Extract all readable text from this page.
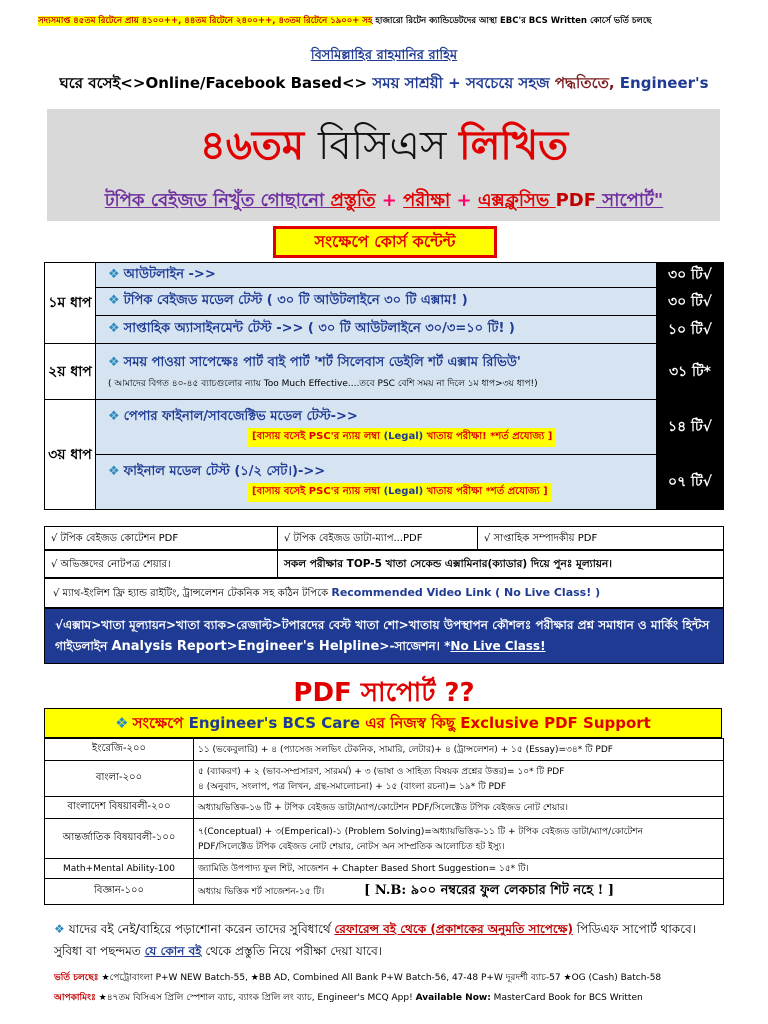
সদ্যসমাপ্ত ৪৫তম রিটেনে প্রায় ৪১০০++, ৪৪তম রিটেনে ২৪০০++, ৪৩তম রিটেনে ১৯০০+ সহ হাজারো রিটেন ক্যান্ডিডেটদের আস্থা EBC'র BCS Written কোর্সে ভর্তি চলছে
বিসমিল্লাহির রাহমানির রাহিম
ঘরে বসেই<>Online/Facebook Based<> সময় সাশ্রয়ী + সবচেয়ে সহজ পদ্ধতিতে, Engineer's
৪৬তম বিসিএস লিখিত
টপিক বেইজড নিখুঁত গোছানো প্রস্তুতি + পরীক্ষা + এক্সক্লুসিভ PDF সাপোর্ট"
সংক্ষেপে কোর্স কন্টেন্ট
১ম ধাপ	❖ আউটলাইন ->>	৩০ টি√
	❖ টপিক বেইজড মডেল টেস্ট ( ৩০ টি আউটলাইনে ৩০ টি এক্সাম! )	৩০ টি√
	❖ সাপ্তাহিক অ্যাসাইনমেন্ট টেস্ট ->> ( ৩০ টি আউটলাইনে ৩০/৩=১০ টি! )	১০ টি√
২য় ধাপ	❖ সময় পাওয়া সাপেক্ষেঃ পার্ট বাই পার্ট 'শর্ট সিলেবাস ডেইলি শর্ট এক্সাম রিভিউ'
( আমাদের বিগত ৪০-৪৫ ব্যাচগুলোর ন্যায় Too Much Effective....তবে PSC বেশি সময় না দিলে ১ম ধাপ>৩য় ধাপ!)	৩১ টি*
৩য় ধাপ	❖ পেপার ফাইনাল/সাবজেক্টিভ মডেল টেস্ট->>
[বাসায় বসেই PSC'র ন্যায় লম্বা (Legal) খাতায় পরীক্ষা! *শর্ত প্রযোজ্য ]	১৪ টি√
	❖ ফাইনাল মডেল টেস্ট (১/২ সেট।)->>
[বাসায় বসেই PSC'র ন্যায় লম্বা (Legal) খাতায় পরীক্ষা *শর্ত প্রযোজ্য ]	০৭ টি√
√ টপিক বেইজড কোটেশন PDF	√ টপিক বেইজড ডাটা-ম্যাপ...PDF	√ সাপ্তাহিক সম্পাদকীয় PDF
√ অভিজ্ঞদের নোটপত্র শেয়ার।	সকল পরীক্ষার TOP-5 খাতা সেকেন্ড এক্সামিনার(ক্যাডার) দিয়ে পুনঃ মূল্যায়ন।
√ ম্যাথ-ইংলিশ ফ্রি হ্যান্ড রাইটিং, ট্রান্সলেশন টেকনিক সহ কঠিন টপিকে Recommended Video Link ( No Live Class! )
√এক্সাম>খাতা মূল্যায়ন>খাতা ব্যাক>রেজাল্ট>টপারদের বেস্ট খাতা শো>খাতায় উপস্থাপন কৌশলঃ পরীক্ষার প্রশ্ন সমাধান ও মার্কিং হিন্টস গাইডলাইন Analysis Report>Engineer's Helpline>-সাজেশন। *No Live Class!
PDF সাপোর্ট ??
❖ সংক্ষেপে Engineer's BCS Care এর নিজস্ব কিছু Exclusive PDF Support
ইংরেজি-২০০	১১ (ভকেবুলারি) + ৪ (প্যাসেজ সলভিং টেকনিক, সামারি, লেটার)+ ৪ (ট্রান্সলেশন) + ১৫ (Essay)=৩৪* টি PDF
বাংলা-২০০	৫ (ব্যাকরণ) + ২ (ভাব-সম্প্রসারণ, সারমর্ম) + ৩ (ভাষা ও সাহিত্য বিষয়ক প্রশ্নের উত্তর)= ১০* টি PDF
৪ (অনুবাদ, সংলাপ, পত্র লিখন, গ্রন্থ-সমালোচনা) + ১৫ (বাংলা রচনা)= ১৯* টি PDF
বাংলাদেশ বিষয়াবলী-২০০	অধ্যায়ভিত্তিক-১৬ টি + টপিক বেইজড ডাটা/ম্যাপ/কোটেশন PDF/সিলেক্টেড টপিক বেইজড নোট শেয়ার।
আন্তর্জাতিক বিষয়াবলী-১০০	৭(Conceptual) + ৩(Emperical)-১ (Problem Solving)=অধ্যায়ভিত্তিক-১১ টি + টপিক বেইজড ডাটা/ম্যাপ/কোটেশন
PDF/সিলেক্টেড টপিক বেইজড নোট শেয়ার, নোটস অন সাম্প্রতিক আলোচিত হট ইস্যু।
Math+Mental Ability-100	জ্যামিতি উপপাদ্য ফুল শিট, সাজেশন + Chapter Based Short Suggestion= ১৫* টি।
বিজ্ঞান-১০০	অধ্যায় ভিত্তিক শর্ট সাজেশন-১৫ টি। [ N.B: ৯০০ নম্বরের ফুল লেকচার শিট নহে ! ]
❖ যাদের বই নেই/বাহিরে পড়াশোনা করেন তাদের সুবিধার্থে রেফারেন্স বই থেকে (প্রকাশকের অনুমতি সাপেক্ষে) পিডিএফ সাপোর্ট থাকবে। সুবিধা বা পছন্দমত যে কোন বই থেকে প্রস্তুতি নিয়ে পরীক্ষা দেয়া যাবে।
ভর্তি চলছেঃ ★পেট্রোবাংলা P+W NEW Batch-55, ★BB AD, Combined All Bank P+W Batch-56, 47-48 P+W দূরদর্শী ব্যাচ-57 ★OG (Cash) Batch-58
আপকামিংঃ ★৪৭তম বিসিএস প্রিলি স্পেশাল ব্যাচ, ব্যাংক প্রিলি লং ব্যাচ, Engineer's MCQ App! Available Now: MasterCard Book for BCS Written
